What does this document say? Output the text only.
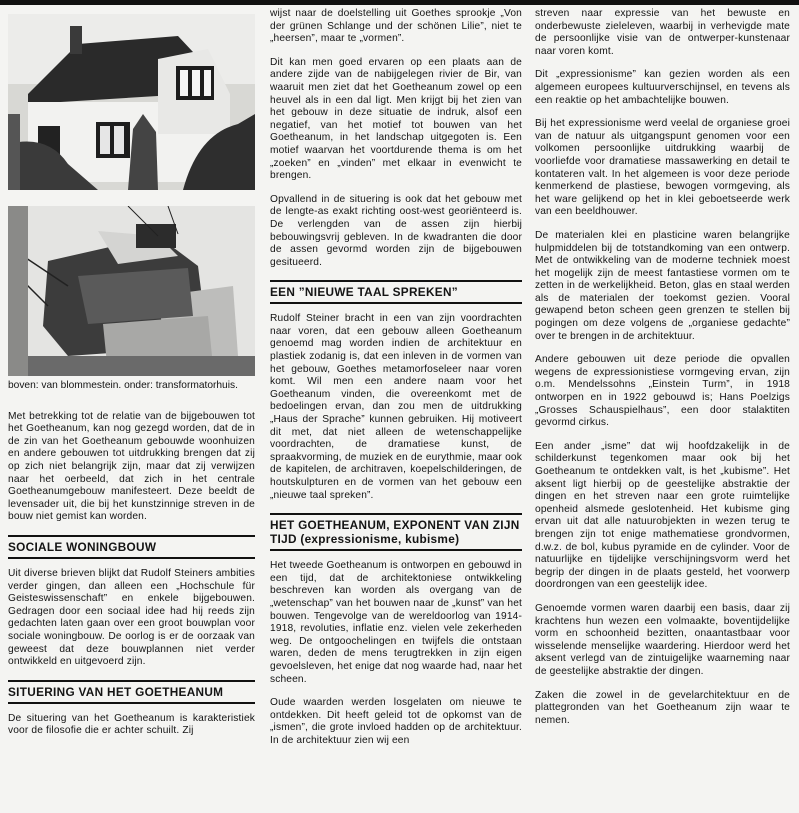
boven: van blommestein. onder: transformatorhuis.

Met betrekking tot de relatie van de bijgebouwen tot het Goetheanum, kan nog gezegd worden, dat de in de zin van het Goetheanum gebouwde woonhuizen en andere gebouwen tot uitdrukking brengen dat zij op zich niet belangrijk zijn, maar dat zij verwijzen naar het oerbeeld, dat zich in het centrale Goetheanumgebouw manifesteert. Deze beeldt de levensader uit, die bij het kunstzinnige streven in de bouw niet gemist kan worden.

SOCIALE WONINGBOUW

Uit diverse brieven blijkt dat Rudolf Steiners ambities verder gingen, dan alleen een „Hochschule für Geisteswissenschaft” en enkele bijgebouwen. Gedragen door een sociaal idee had hij reeds zijn gedachten laten gaan over een groot bouwplan voor sociale woningbouw. De oorlog is er de oorzaak van geweest dat deze bouwplannen niet verder ontwikkeld en uitgevoerd zijn.

SITUERING VAN HET GOETHEANUM

De situering van het Goetheanum is karakteristiek voor de filosofie die er achter schuilt. Zij

wijst naar de doelstelling uit Goethes sprookje „Von der grünen Schlange und der schönen Lilie”, niet te „heersen”, maar te „vormen”.

Dit kan men goed ervaren op een plaats aan de andere zijde van de nabijgelegen rivier de Bir, van waaruit men ziet dat het Goetheanum zowel op een heuvel als in een dal ligt. Men krijgt bij het zien van het gebouw in deze situatie de indruk, alsof een negatief, van het motief tot bouwen van het Goetheanum, in het landschap uitgegoten is. Een motief waarvan het voortdurende thema is om het „zoeken” en „vinden” met elkaar in evenwicht te brengen.

Opvallend in de situering is ook dat het gebouw met de lengte-as exakt richting oost-west georiënteerd is. De verlengden van de assen zijn hierbij bebouwingsvrij gebleven. In de kwadranten die door de assen gevormd worden zijn de bijgebouwen gesitueerd.

EEN ”NIEUWE TAAL SPREKEN”

Rudolf Steiner bracht in een van zijn voordrachten naar voren, dat een gebouw alleen Goetheanum genoemd mag worden indien de architektuur en plastiek zodanig is, dat een inleven in de vormen van het gebouw, Goethes metamorfoseleer naar voren komt. Wil men een andere naam voor het Goetheanum vinden, die overeenkomt met de bedoelingen ervan, dan zou men de uitdrukking „Haus der Sprache” kunnen gebruiken. Hij motiveert dit met, dat niet alleen de wetenschappelijke voordrachten, de dramatiese kunst, de spraakvorming, de muziek en de eurythmie, maar ook de kapitelen, de architraven, koepelschilderingen, de houtskulpturen en de vormen van het gebouw een „nieuwe taal spreken”.

HET GOETHEANUM, EXPONENT VAN ZIJN TIJD (expressionisme, kubisme)

Het tweede Goetheanum is ontworpen en gebouwd in een tijd, dat de architektoniese ontwikkeling beschreven kan worden als overgang van de „wetenschap” van het bouwen naar de „kunst” van het bouwen. Tengevolge van de wereldoorlog van 1914-1918, revoluties, inflatie enz. vielen vele zekerheden weg. De ontgoochelingen en twijfels die ontstaan waren, deden de mens terugtrekken in zijn eigen gevoelsleven, het enige dat nog waarde had, naar het scheen.

Oude waarden werden losgelaten om nieuwe te ontdekken. Dit heeft geleid tot de opkomst van de „ismen”, die grote invloed hadden op de architektuur. In de architektuur zien wij een

streven naar expressie van het bewuste en onderbewuste zieleleven, waarbij in verhevigde mate de persoonlijke visie van de ontwerper-kunstenaar naar voren komt.

Dit „expressionisme” kan gezien worden als een algemeen europees kultuurverschijnsel, en tevens als een reaktie op het ambachtelijke bouwen.

Bij het expressionisme werd veelal de organiese groei van de natuur als uitgangspunt genomen voor een volkomen persoonlijke uitdrukking waarbij de voorliefde voor dramatiese massawerking en detail te kontateren valt. In het algemeen is voor deze periode kenmerkend de plastiese, bewogen vormgeving, als het ware gelijkend op het in klei geboetseerde werk van een beeldhouwer.

De materialen klei en plasticine waren belangrijke hulpmiddelen bij de totstandkoming van een ontwerp. Met de ontwikkeling van de moderne techniek moest het mogelijk zijn de meest fantastiese vormen om te zetten in de werkelijkheid. Beton, glas en staal werden als de materialen der toekomst gezien. Vooral gewapend beton scheen geen grenzen te stellen bij pogingen om deze volgens de „organiese gedachte” over te brengen in de architektuur.

Andere gebouwen uit deze periode die opvallen wegens de expressionistiese vormgeving ervan, zijn o.m. Mendelssohns „Einstein Turm”, in 1918 ontworpen en in 1922 gebouwd is; Hans Poelzigs „Grosses Schauspielhaus”, een door stalaktiten gevormd cirkus.

Een ander „isme” dat wij hoofdzakelijk in de schilderkunst tegenkomen maar ook bij het Goetheanum te ontdekken valt, is het „kubisme”. Het aksent ligt hierbij op de geestelijke abstraktie der dingen en het streven naar een grote ruimtelijke openheid alsmede geslotenheid. Het kubisme ging ervan uit dat alle natuurobjekten in wezen terug te brengen zijn tot enige mathematiese grondvormen, d.w.z. de bol, kubus pyramide en de cylinder. Voor de natuurlijke en tijdelijke verschijningsvorm werd het begrip der dingen in de plaats gesteld, het voorwerp doordrongen van een geestelijk idee.

Genoemde vormen waren daarbij een basis, daar zij krachtens hun wezen een volmaakte, boventijdelijke vorm en schoonheid bezitten, onaantastbaar voor wisselende menselijke waardering. Hierdoor werd het aksent verlegd van de zintuigelijke waarneming naar de geestelijke abstraktie der dingen.

Zaken die zowel in de gevelarchitektuur en de plattegronden van het Goetheanum zijn waar te nemen.
